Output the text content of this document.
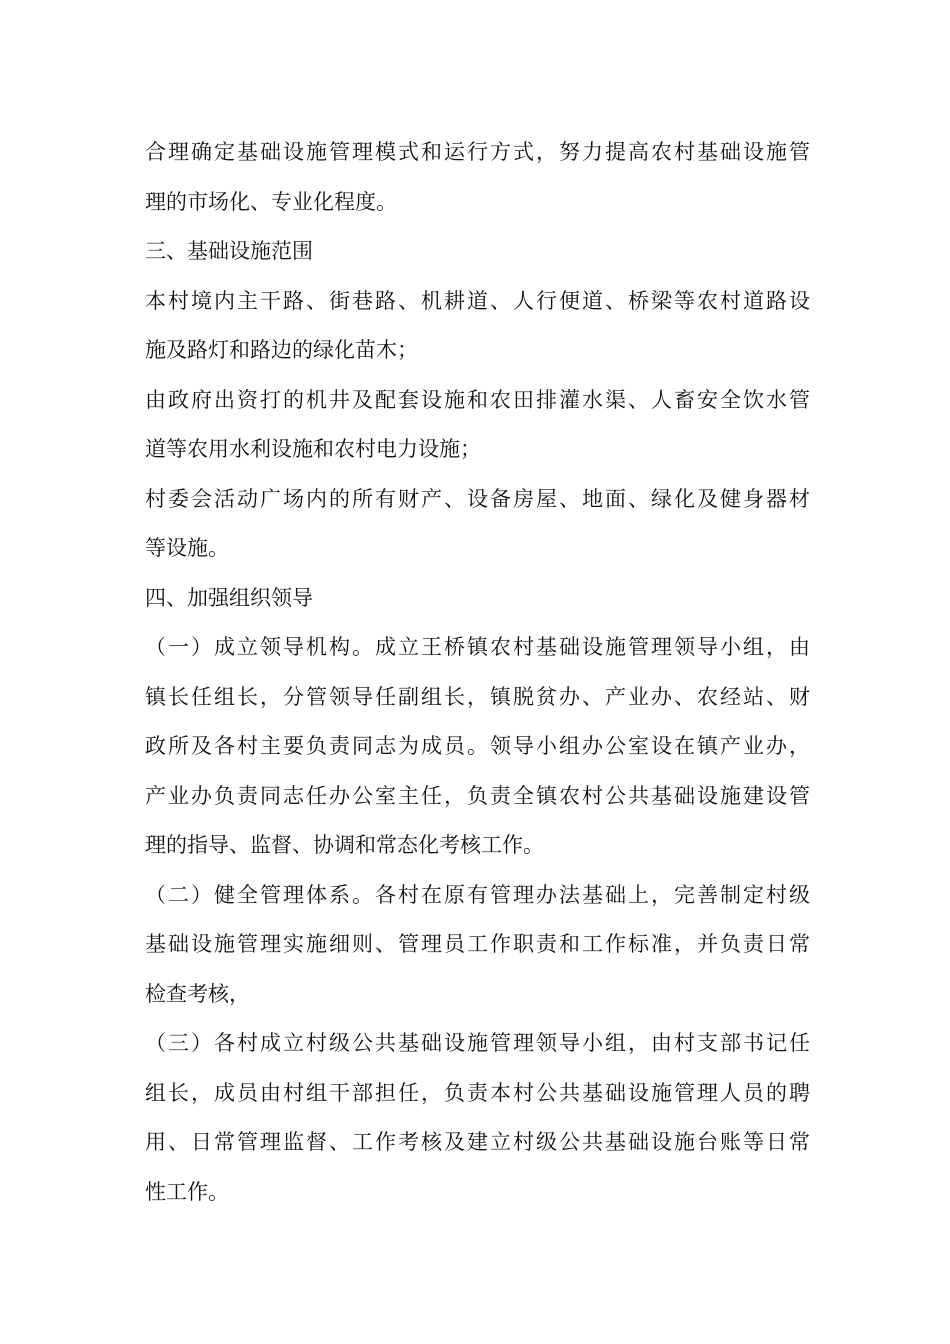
合理确定基础设施管理模式和运行方式，努力提高农村基础设施管
理的市场化、专业化程度。
三、基础设施范围
本村境内主干路、街巷路、机耕道、人行便道、桥梁等农村道路设
施及路灯和路边的绿化苗木；
由政府出资打的机井及配套设施和农田排灌水渠、人畜安全饮水管
道等农用水利设施和农村电力设施；
村委会活动广场内的所有财产、设备房屋、地面、绿化及健身器材
等设施。
四、加强组织领导
（一）成立领导机构。成立王桥镇农村基础设施管理领导小组，由
镇长任组长，分管领导任副组长，镇脱贫办、产业办、农经站、财
政所及各村主要负责同志为成员。领导小组办公室设在镇产业办，
产业办负责同志任办公室主任，负责全镇农村公共基础设施建设管
理的指导、监督、协调和常态化考核工作。
（二）健全管理体系。各村在原有管理办法基础上，完善制定村级
基础设施管理实施细则、管理员工作职责和工作标准，并负责日常
检查考核，
（三）各村成立村级公共基础设施管理领导小组，由村支部书记任
组长，成员由村组干部担任，负责本村公共基础设施管理人员的聘
用、日常管理监督、工作考核及建立村级公共基础设施台账等日常
性工作。
